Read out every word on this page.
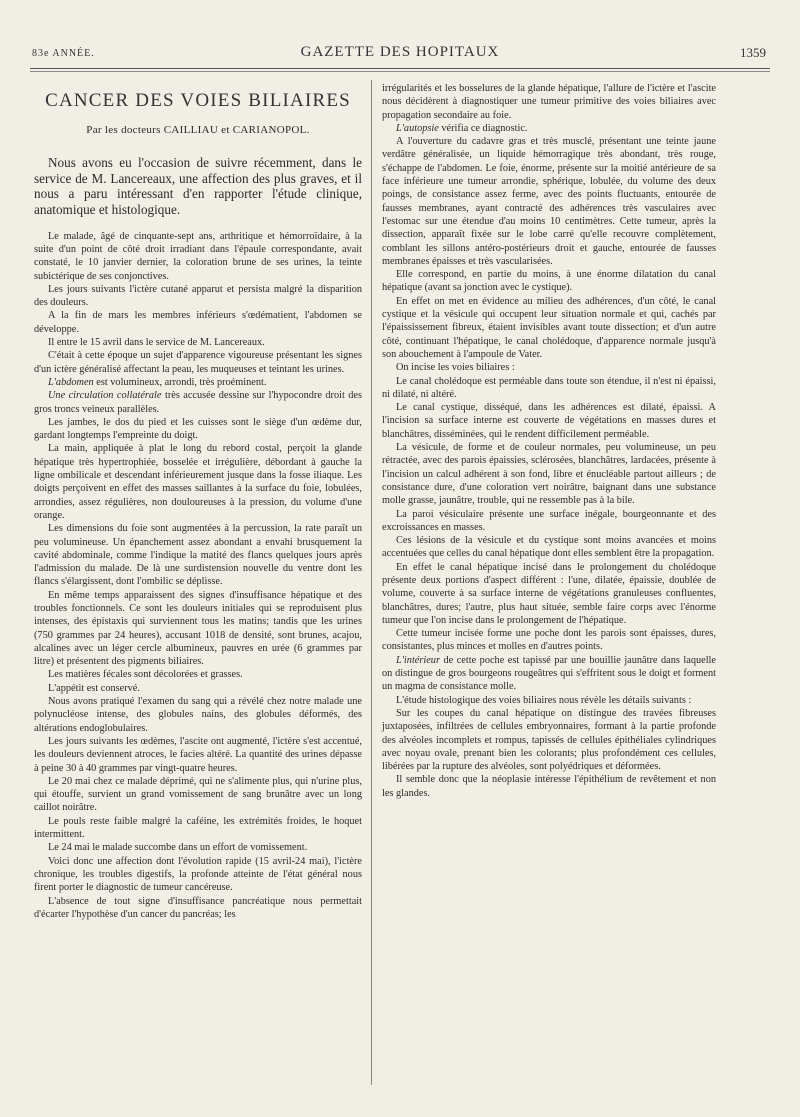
83e ANNÉE.	GAZETTE DES HOPITAUX	1359
CANCER DES VOIES BILIAIRES
Par les docteurs CAILLIAU et CARIANOPOL.

Nous avons eu l'occasion de suivre récemment, dans le service de M. Lancereaux, une affection des plus graves, et il nous a paru intéressant d'en rapporter l'étude clinique, anatomique et histologique.

Le malade, âgé de cinquante-sept ans, arthritique et hémorroïdaire, à la suite d'un point de côté droit irradiant dans l'épaule correspondante, avait constaté, le 10 janvier dernier, la coloration brune de ses urines, la teinte subictérique de ses conjonctives.

Les jours suivants l'ictère cutané apparut et persista malgré la disparition des douleurs.

A la fin de mars les membres inférieurs s'œdématient, l'abdomen se développe.

Il entre le 15 avril dans le service de M. Lancereaux.

C'était à cette époque un sujet d'apparence vigoureuse présentant les signes d'un ictère généralisé affectant la peau, les muqueuses et teintant les urines.

L'abdomen est volumineux, arrondi, très proéminent.

Une circulation collatérale très accusée dessine sur l'hypocondre droit des gros troncs veineux parallèles.

Les jambes, le dos du pied et les cuisses sont le siège d'un œdème dur, gardant longtemps l'empreinte du doigt.

La main, appliquée à plat le long du rebord costal, perçoit la glande hépatique très hypertrophiée, bosselée et irrégulière, débordant à gauche la ligne ombilicale et descendant inférieurement jusque dans la fosse iliaque. Les doigts perçoivent en effet des masses saillantes à la surface du foie, lobulées, arrondies, assez régulières, non douloureuses à la pression, du volume d'une orange.

Les dimensions du foie sont augmentées à la percussion, la rate paraît un peu volumineuse. Un épanchement assez abondant a envahi brusquement la cavité abdominale, comme l'indique la matité des flancs quelques jours après l'admission du malade. De là une surdistension nouvelle du ventre dont les flancs s'élargissent, dont l'ombilic se déplisse.

En même temps apparaissent des signes d'insuffisance hépatique et des troubles fonctionnels. Ce sont les douleurs initiales qui se reproduisent plus intenses, des épistaxis qui surviennent tous les matins; tandis que les urines (750 grammes par 24 heures), accusant 1018 de densité, sont brunes, acajou, alcalines avec un léger cercle albumineux, pauvres en urée (6 grammes par litre) et présentent des pigments biliaires.

Les matières fécales sont décolorées et grasses.

L'appétit est conservé.

Nous avons pratiqué l'examen du sang qui a révélé chez notre malade une polynucléose intense, des globules nains, des globules déformés, des altérations endoglobulaires.

Les jours suivants les œdèmes, l'ascite ont augmenté, l'ictère s'est accentué, les douleurs deviennent atroces, le facies altéré. La quantité des urines dépasse à peine 30 à 40 grammes par vingt-quatre heures.

Le 20 mai chez ce malade déprimé, qui ne s'alimente plus, qui n'urine plus, qui étouffe, survient un grand vomissement de sang brunâtre avec un long caillot noirâtre.

Le pouls reste faible malgré la caféine, les extrémités froides, le hoquet intermittent.

Le 24 mai le malade succombe dans un effort de vomissement.

Voici donc une affection dont l'évolution rapide (15 avril-24 mai), l'ictère chronique, les troubles digestifs, la profonde atteinte de l'état général nous firent porter le diagnostic de tumeur cancéreuse.

L'absence de tout signe d'insuffisance pancréatique nous permettait d'écarter l'hypothèse d'un cancer du pancréas; les

irrégularités et les bosselures de la glande hépatique, l'allure de l'ictère et l'ascite nous décidèrent à diagnostiquer une tumeur primitive des voies biliaires avec propagation secondaire au foie.

L'autopsie vérifia ce diagnostic.

A l'ouverture du cadavre gras et très musclé, présentant une teinte jaune verdâtre généralisée, un liquide hémorragique très abondant, très rouge, s'échappe de l'abdomen. Le foie, énorme, présente sur la moitié antérieure de sa face inférieure une tumeur arrondie, sphérique, lobulée, du volume des deux poings, de consistance assez ferme, avec des points fluctuants, entourée de fausses membranes, ayant contracté des adhérences très vasculaires avec l'estomac sur une étendue d'au moins 10 centimètres. Cette tumeur, après la dissection, apparaît fixée sur le lobe carré qu'elle recouvre complètement, comblant les sillons antéro-postérieurs droit et gauche, entourée de fausses membranes épaisses et très vascularisées.

Elle correspond, en partie du moins, à une énorme dilatation du canal hépatique (avant sa jonction avec le cystique).

En effet on met en évidence au milieu des adhérences, d'un côté, le canal cystique et la vésicule qui occupent leur situation normale et qui, cachés par l'épaississement fibreux, étaient invisibles avant toute dissection; et d'un autre côté, continuant l'hépatique, le canal cholédoque, d'apparence normale jusqu'à son abouchement à l'ampoule de Vater.

On incise les voies biliaires :

Le canal cholédoque est perméable dans toute son étendue, il n'est ni épaissi, ni dilaté, ni altéré.

Le canal cystique, disséqué, dans les adhérences est dilaté, épaissi. A l'incision sa surface interne est couverte de végétations en masses dures et blanchâtres, disséminées, qui le rendent difficilement perméable.

La vésicule, de forme et de couleur normales, peu volumineuse, un peu rétractée, avec des parois épaissies, sclérosées, blanchâtres, lardacées, présente à l'incision un calcul adhérent à son fond, libre et énucléable partout ailleurs ; de consistance dure, d'une coloration vert noirâtre, baignant dans une substance molle grasse, jaunâtre, trouble, qui ne ressemble pas à la bile.

La paroi vésiculaire présente une surface inégale, bourgeonnante et des excroissances en masses.

Ces lésions de la vésicule et du cystique sont moins avancées et moins accentuées que celles du canal hépatique dont elles semblent être la propagation.

En effet le canal hépatique incisé dans le prolongement du cholédoque présente deux portions d'aspect différent : l'une, dilatée, épaissie, doublée de volume, couverte à sa surface interne de végétations granuleuses confluentes, blanchâtres, dures; l'autre, plus haut située, semble faire corps avec l'énorme tumeur que l'on incise dans le prolongement de l'hépatique.

Cette tumeur incisée forme une poche dont les parois sont épaisses, dures, consistantes, plus minces et molles en d'autres points.

L'intérieur de cette poche est tapissé par une bouillie jaunâtre dans laquelle on distingue de gros bourgeons rougeâtres qui s'effritent sous le doigt et forment un magma de consistance molle.

L'étude histologique des voies biliaires nous révèle les détails suivants :

Sur les coupes du canal hépatique on distingue des travées fibreuses juxtaposées, infiltrées de cellules embryonnaires, formant à la partie profonde des alvéoles incomplets et rompus, tapissés de cellules épithéliales cylindriques avec noyau ovale, prenant bien les colorants; plus profondément ces cellules, libérées par la rupture des alvéoles, sont polyédriques et déformées.

Il semble donc que la néoplasie intéresse l'épithélium de revêtement et non les glandes.
